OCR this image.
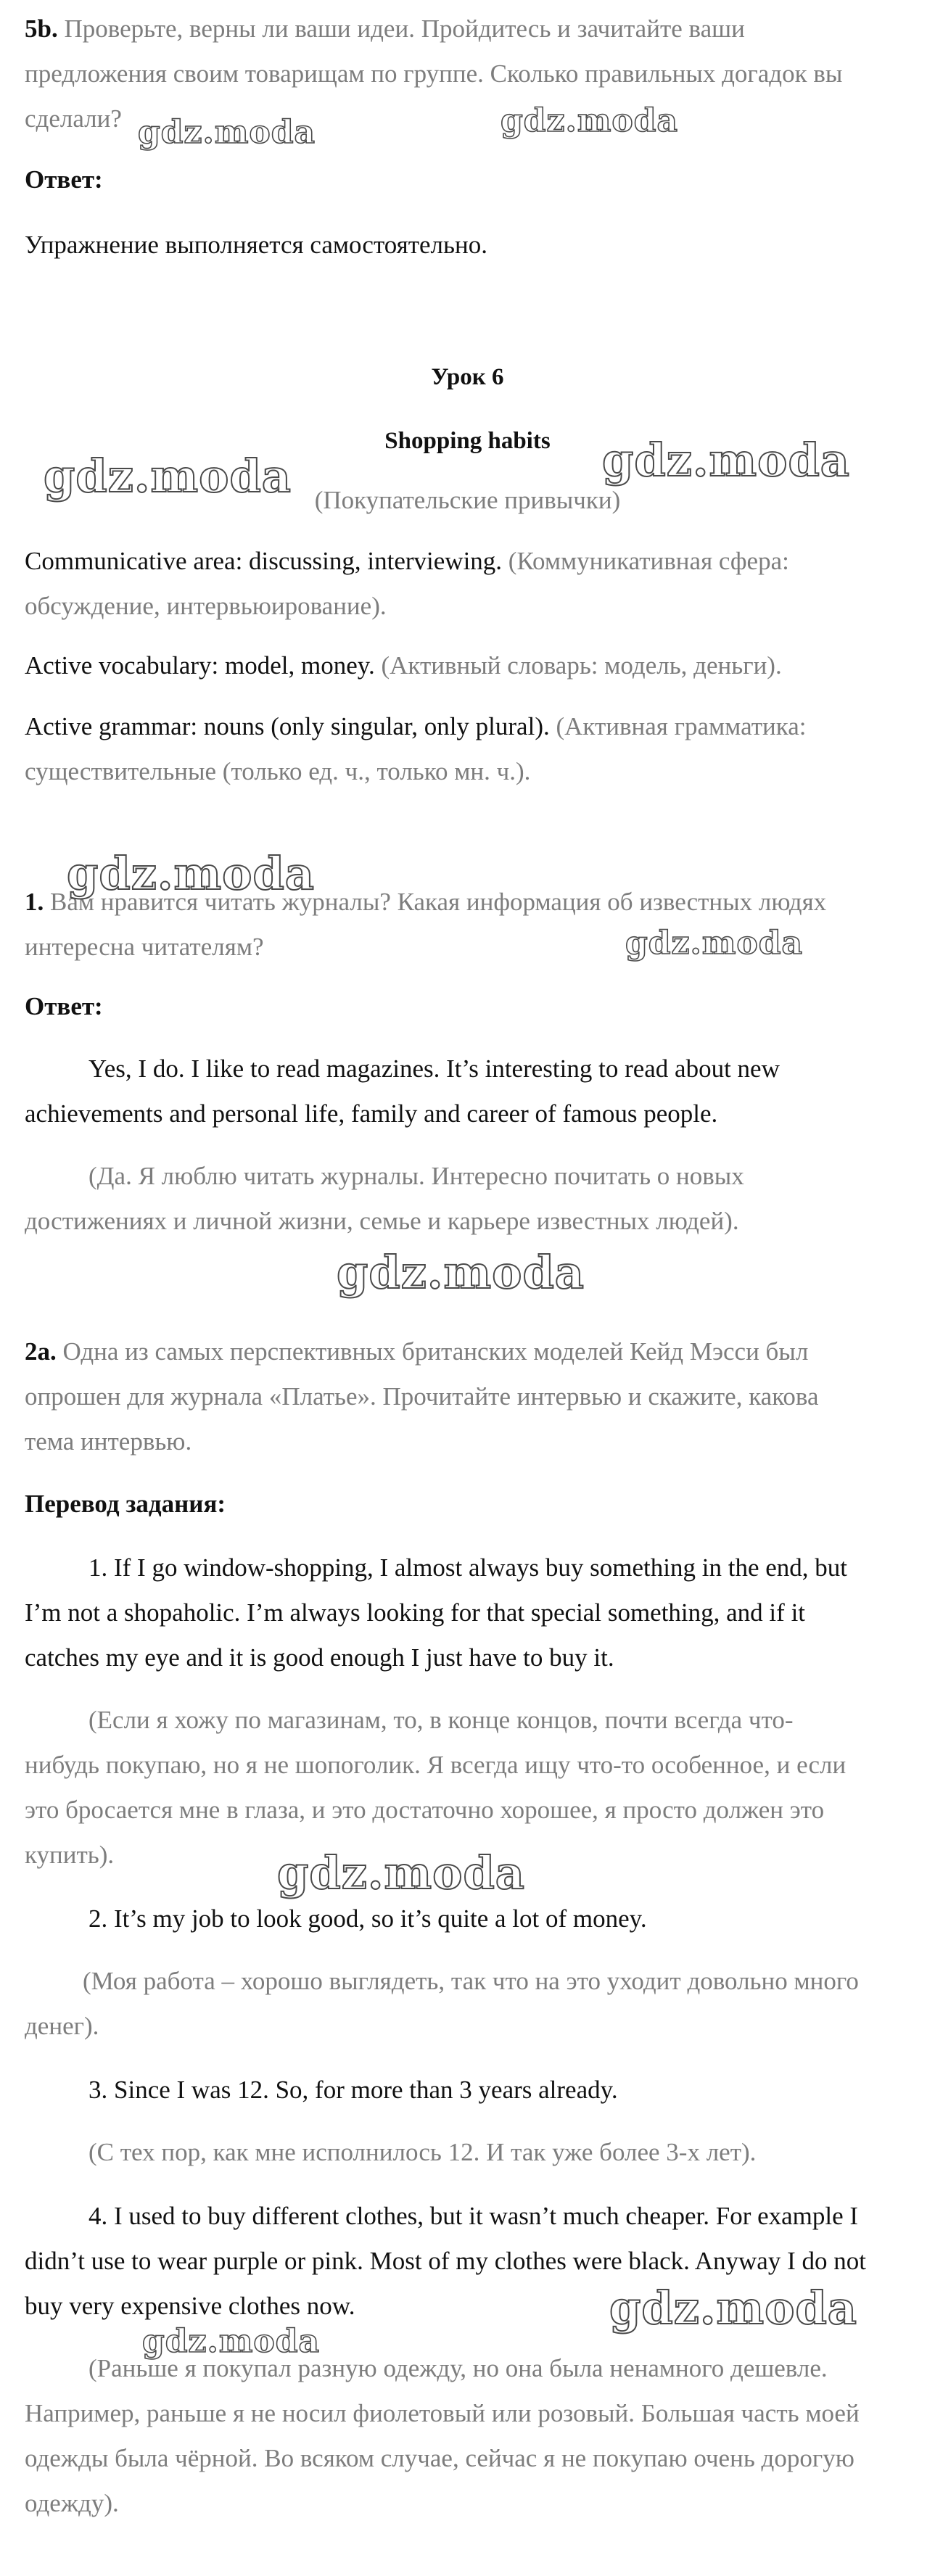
5b. Проверьте, верны ли ваши идеи. Пройдитесь и зачитайте ваши
предложения своим товарищам по группе. Сколько правильных догадок вы
сделали?
Ответ:
Упражнение выполняется самостоятельно.
Урок 6
Shopping habits
(Покупательские привычки)
Communicative area: discussing, interviewing. (Коммуникативная сфера:
обсуждение, интервьюирование).
Active vocabulary: model, money. (Активный словарь: модель, деньги).
Active grammar: nouns (only singular, only plural). (Активная грамматика:
существительные (только ед. ч., только мн. ч.).
1. Вам нравится читать журналы? Какая информация об известных людях
интересна читателям?
Ответ:
Yes, I do. I like to read magazines. It’s interesting to read about new
achievements and personal life, family and career of famous people.
(Да. Я люблю читать журналы. Интересно почитать о новых
достижениях и личной жизни, семье и карьере известных людей).
2a. Одна из самых перспективных британских моделей Кейд Мэсси был
опрошен для журнала «Платье». Прочитайте интервью и скажите, какова
тема интервью.
Перевод задания:
1. If I go window-shopping, I almost always buy something in the end, but
I’m not a shopaholic. I’m always looking for that special something, and if it
catches my eye and it is good enough I just have to buy it.
(Если я хожу по магазинам, то, в конце концов, почти всегда что-
нибудь покупаю, но я не шопоголик. Я всегда ищу что-то особенное, и если
это бросается мне в глаза, и это достаточно хорошее, я просто должен это
купить).
2. It’s my job to look good, so it’s quite a lot of money.
(Моя работа – хорошо выглядеть, так что на это уходит довольно много
денег).
3. Since I was 12. So, for more than 3 years already.
(С тех пор, как мне исполнилось 12. И так уже более 3-х лет).
4. I used to buy different clothes, but it wasn’t much cheaper. For example I
didn’t use to wear purple or pink. Most of my clothes were black. Anyway I do not
buy very expensive clothes now.
(Раньше я покупал разную одежду, но она была ненамного дешевле.
Например, раньше я не носил фиолетовый или розовый. Большая часть моей
одежды была чёрной. Во всяком случае, сейчас я не покупаю очень дорогую
одежду).
gdz.moda	gdz.moda
gdz.moda	gdz.moda
gdz.moda
gdz.moda
gdz.moda
gdz.moda
gdz.moda
gdz.moda
